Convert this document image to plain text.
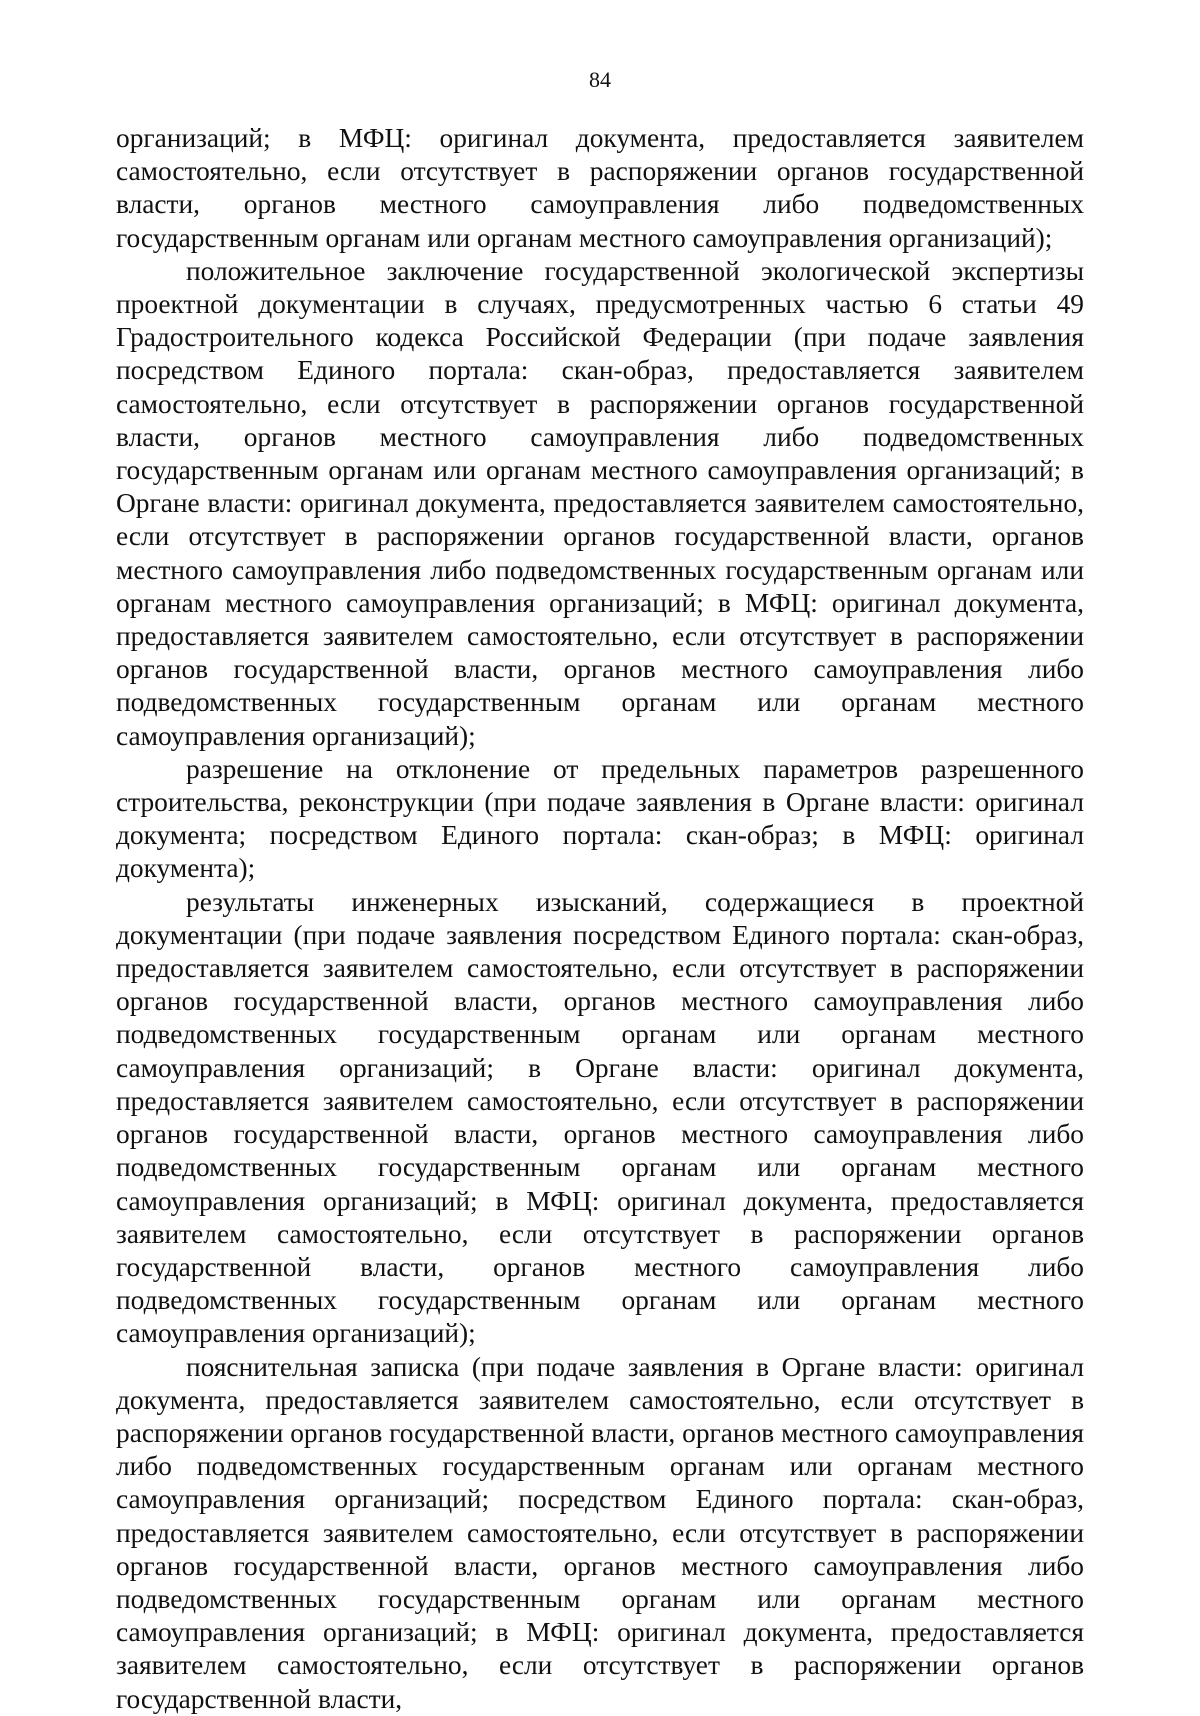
84

организаций; в МФЦ: оригинал документа, предоставляется заявителем самостоятельно, если отсутствует в распоряжении органов государственной власти, органов местного самоуправления либо подведомственных государственным органам или органам местного самоуправления организаций);

положительное заключение государственной экологической экспертизы проектной документации в случаях, предусмотренных частью 6 статьи 49 Градостроительного кодекса Российской Федерации (при подаче заявления посредством Единого портала: скан-образ, предоставляется заявителем самостоятельно, если отсутствует в распоряжении органов государственной власти, органов местного самоуправления либо подведомственных государственным органам или органам местного самоуправления организаций; в Органе власти: оригинал документа, предоставляется заявителем самостоятельно, если отсутствует в распоряжении органов государственной власти, органов местного самоуправления либо подведомственных государственным органам или органам местного самоуправления организаций; в МФЦ: оригинал документа, предоставляется заявителем самостоятельно, если отсутствует в распоряжении органов государственной власти, органов местного самоуправления либо подведомственных государственным органам или органам местного самоуправления организаций);

разрешение на отклонение от предельных параметров разрешенного строительства, реконструкции (при подаче заявления в Органе власти: оригинал документа; посредством Единого портала: скан-образ; в МФЦ: оригинал документа);

результаты инженерных изысканий, содержащиеся в проектной документации (при подаче заявления посредством Единого портала: скан-образ, предоставляется заявителем самостоятельно, если отсутствует в распоряжении органов государственной власти, органов местного самоуправления либо подведомственных государственным органам или органам местного самоуправления организаций; в Органе власти: оригинал документа, предоставляется заявителем самостоятельно, если отсутствует в распоряжении органов государственной власти, органов местного самоуправления либо подведомственных государственным органам или органам местного самоуправления организаций; в МФЦ: оригинал документа, предоставляется заявителем самостоятельно, если отсутствует в распоряжении органов государственной власти, органов местного самоуправления либо подведомственных государственным органам или органам местного самоуправления организаций);

пояснительная записка (при подаче заявления в Органе власти: оригинал документа, предоставляется заявителем самостоятельно, если отсутствует в распоряжении органов государственной власти, органов местного самоуправления либо подведомственных государственным органам или органам местного самоуправления организаций; посредством Единого портала: скан-образ, предоставляется заявителем самостоятельно, если отсутствует в распоряжении органов государственной власти, органов местного самоуправления либо подведомственных государственным органам или органам местного самоуправления организаций; в МФЦ: оригинал документа, предоставляется заявителем самостоятельно, если отсутствует в распоряжении органов государственной власти,
